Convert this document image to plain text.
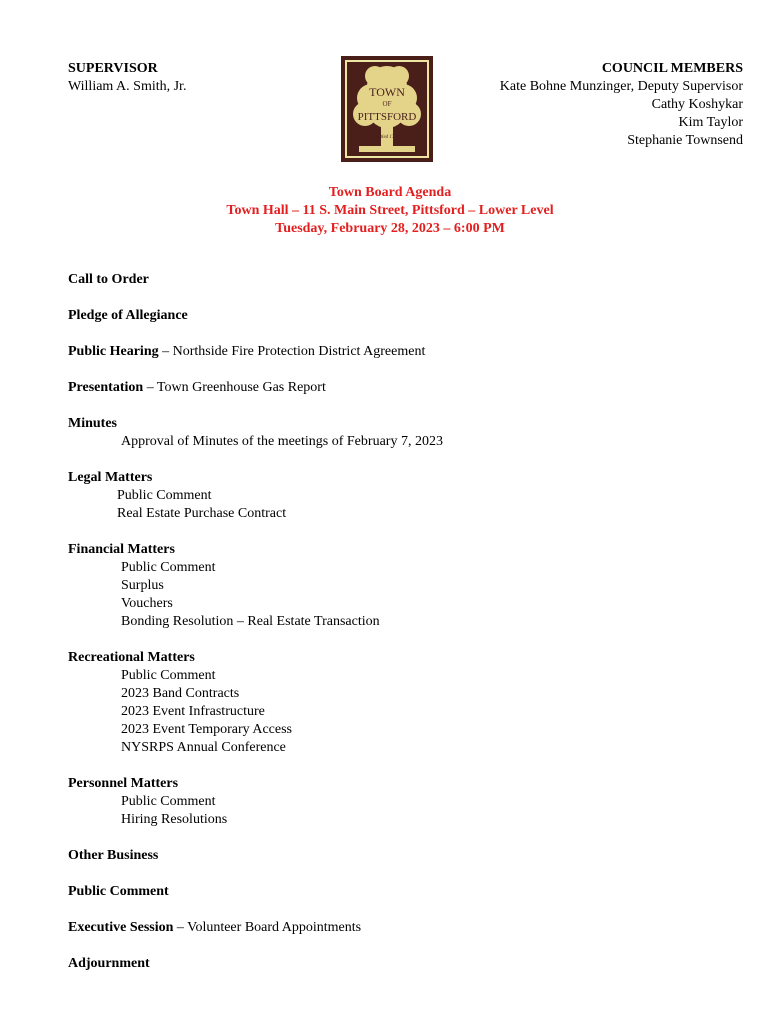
SUPERVISOR
William A. Smith, Jr.	TOWN
OF
PITTSFORD
Settled 1789
COUNCIL MEMBERS
Kate Bohne Munzinger, Deputy Supervisor
Cathy Koshykar
Kim Taylor
Stephanie Townsend
Town Board Agenda
Town Hall – 11 S. Main Street, Pittsford – Lower Level
Tuesday, February 28, 2023 – 6:00 PM
Call to Order
Pledge of Allegiance
Public Hearing – Northside Fire Protection District Agreement
Presentation – Town Greenhouse Gas Report
Minutes
Approval of Minutes of the meetings of February 7, 2023
Legal Matters
Public Comment
Real Estate Purchase Contract
Financial Matters
Public Comment
Surplus
Vouchers
Bonding Resolution – Real Estate Transaction
Recreational Matters
Public Comment
2023 Band Contracts
2023 Event Infrastructure
2023 Event Temporary Access
NYSRPS Annual Conference
Personnel Matters
Public Comment
Hiring Resolutions
Other Business
Public Comment
Executive Session – Volunteer Board Appointments
Adjournment
